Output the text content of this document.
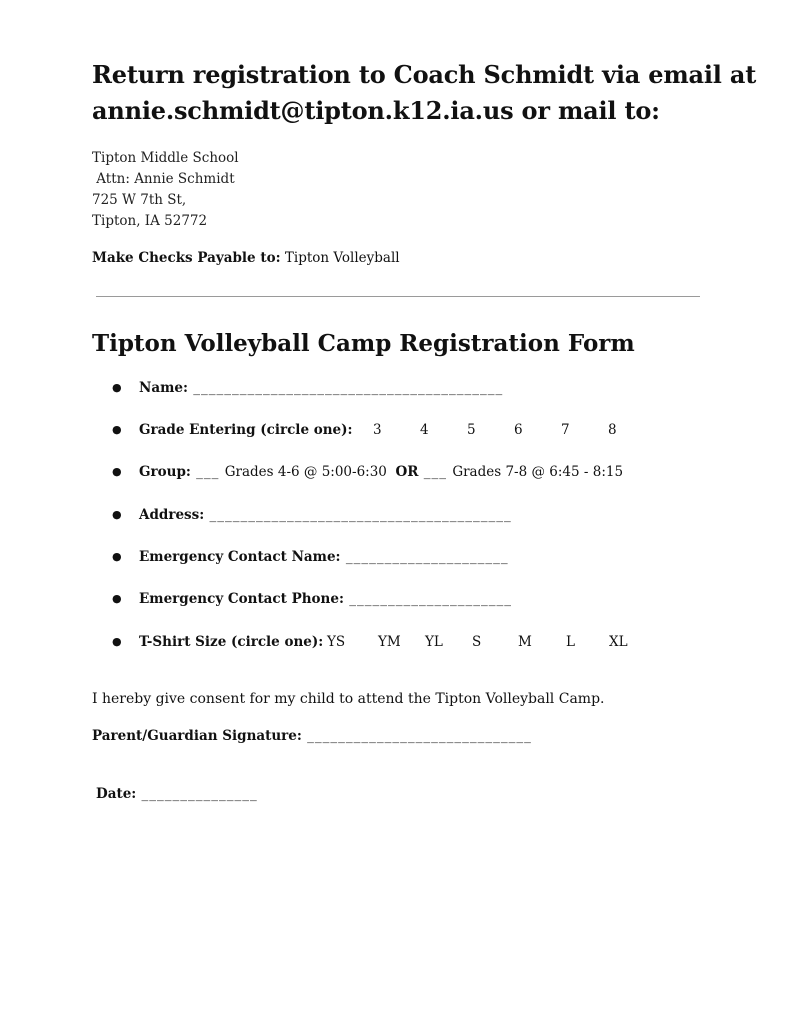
Return registration to Coach Schmidt via email at
annie.schmidt@tipton.k12.ia.us or mail to:
Tipton Middle School
Attn: Annie Schmidt
725 W 7th St,
Tipton, IA 52772
Make Checks Payable to: Tipton Volleyball
Tipton Volleyball Camp Registration Form
● Name: ________________________________________
● Grade Entering (circle one): 3	4	5	6	7	8
● Group: ___ Grades 4-6 @ 5:00-6:30 OR ___ Grades 7-8 @ 6:45 - 8:15
● Address: _______________________________________
● Emergency Contact Name: _____________________
● Emergency Contact Phone: _____________________
● T-Shirt Size (circle one): YS YM YL S	M	L	XL
I hereby give consent for my child to attend the Tipton Volleyball Camp.
Parent/Guardian Signature: _____________________________
Date: _______________
